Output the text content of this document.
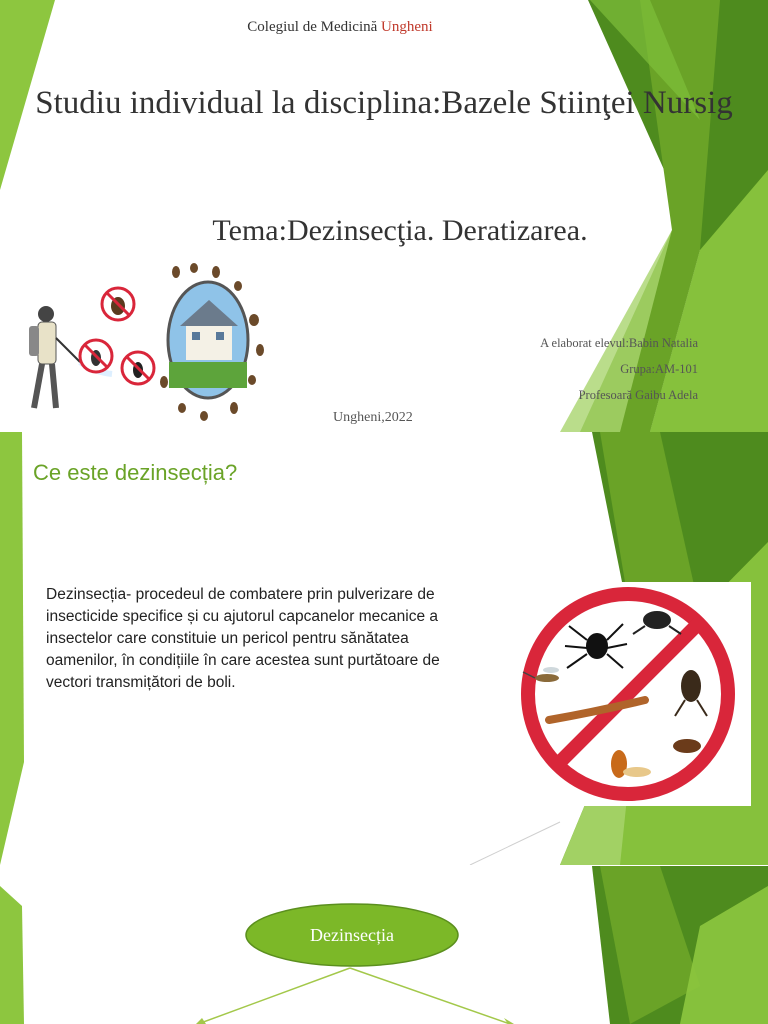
Colegiul de Medicină Ungheni
Studiu individual la disciplina:Bazele Stiinţei Nursig
Tema:Dezinsecţia. Deratizarea.
A elaborat elevul:Babin Natalia
Grupa:AM-101
Profesoară Gaibu Adela
Ungheni,2022
Ce este dezinsecția?
Dezinsecția- procedeul de combatere prin pulverizare de insecticide specifice și cu ajutorul capcanelor mecanice a insectelor care constituie un pericol pentru sănătatea oamenilor, în condițiile în care acestea sunt purtătoare de vectori transmițători de boli.
Dezinsecția
